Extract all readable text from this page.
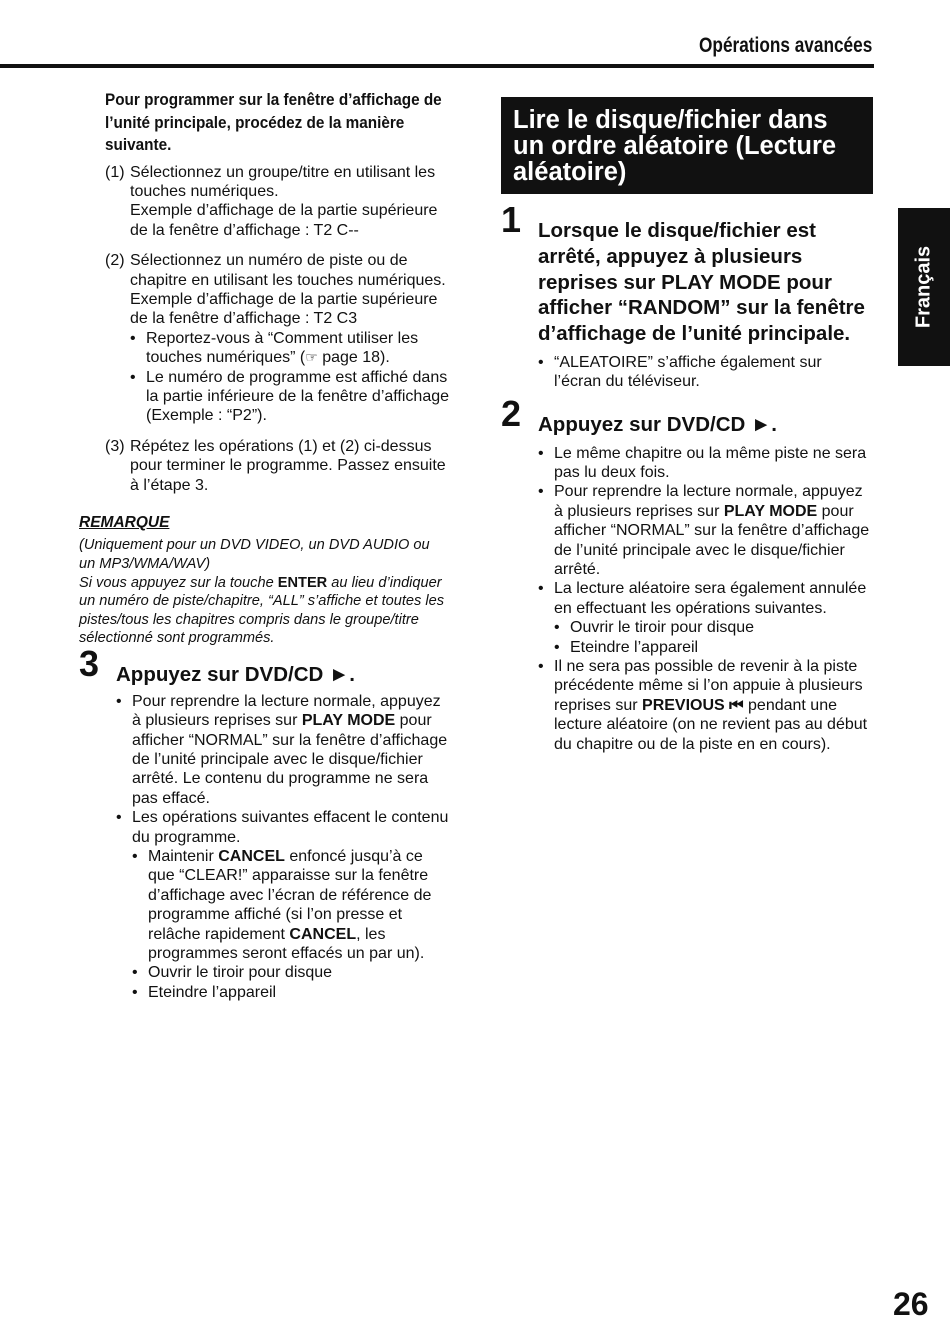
Opérations avancées
Français
26
Pour programmer sur la fenêtre d’affichage de l’unité principale, procédez de la manière suivante.
(1) Sélectionnez un groupe/titre en utilisant les touches numériques.
Exemple d’affichage de la partie supérieure de la fenêtre d’affichage : T2 C--
(2) Sélectionnez un numéro de piste ou de chapitre en utilisant les touches numériques.
Exemple d’affichage de la partie supérieure de la fenêtre d’affichage : T2 C3
• Reportez-vous à “Comment utiliser les touches numériques” (☞ page 18).
• Le numéro de programme est affiché dans la partie inférieure de la fenêtre d’affichage (Exemple : “P2”).
(3) Répétez les opérations (1) et (2) ci-dessus pour terminer le programme. Passez ensuite à l’étape 3.
REMARQUE
(Uniquement pour un DVD VIDEO, un DVD AUDIO ou un MP3/WMA/WAV)
Si vous appuyez sur la touche ENTER au lieu d’indiquer un numéro de piste/chapitre, “ALL” s’affiche et toutes les pistes/tous les chapitres compris dans le groupe/titre sélectionné sont programmés.
3 Appuyez sur DVD/CD ►.
• Pour reprendre la lecture normale, appuyez à plusieurs reprises sur PLAY MODE pour afficher “NORMAL” sur la fenêtre d’affichage de l’unité principale avec le disque/fichier arrêté. Le contenu du programme ne sera pas effacé.
• Les opérations suivantes effacent le contenu du programme.
• Maintenir CANCEL enfoncé jusqu’à ce que “CLEAR!” apparaisse sur la fenêtre d’affichage avec l’écran de référence de programme affiché (si l’on presse et relâche rapidement CANCEL, les programmes seront effacés un par un).
• Ouvrir le tiroir pour disque
• Eteindre l’appareil
Lire le disque/fichier dans un ordre aléatoire (Lecture aléatoire)
1 Lorsque le disque/fichier est arrêté, appuyez à plusieurs reprises sur PLAY MODE pour afficher “RANDOM” sur la fenêtre d’affichage de l’unité principale.
• “ALEATOIRE” s’affiche également sur l’écran du téléviseur.
2 Appuyez sur DVD/CD ►.
• Le même chapitre ou la même piste ne sera pas lu deux fois.
• Pour reprendre la lecture normale, appuyez à plusieurs reprises sur PLAY MODE pour afficher “NORMAL” sur la fenêtre d’affichage de l’unité principale avec le disque/fichier arrêté.
• La lecture aléatoire sera également annulée en effectuant les opérations suivantes.
• Ouvrir le tiroir pour disque
• Eteindre l’appareil
• Il ne sera pas possible de revenir à la piste précédente même si l’on appuie à plusieurs reprises sur PREVIOUS ⏮ pendant une lecture aléatoire (on ne revient pas au début du chapitre ou de la piste en en cours).
